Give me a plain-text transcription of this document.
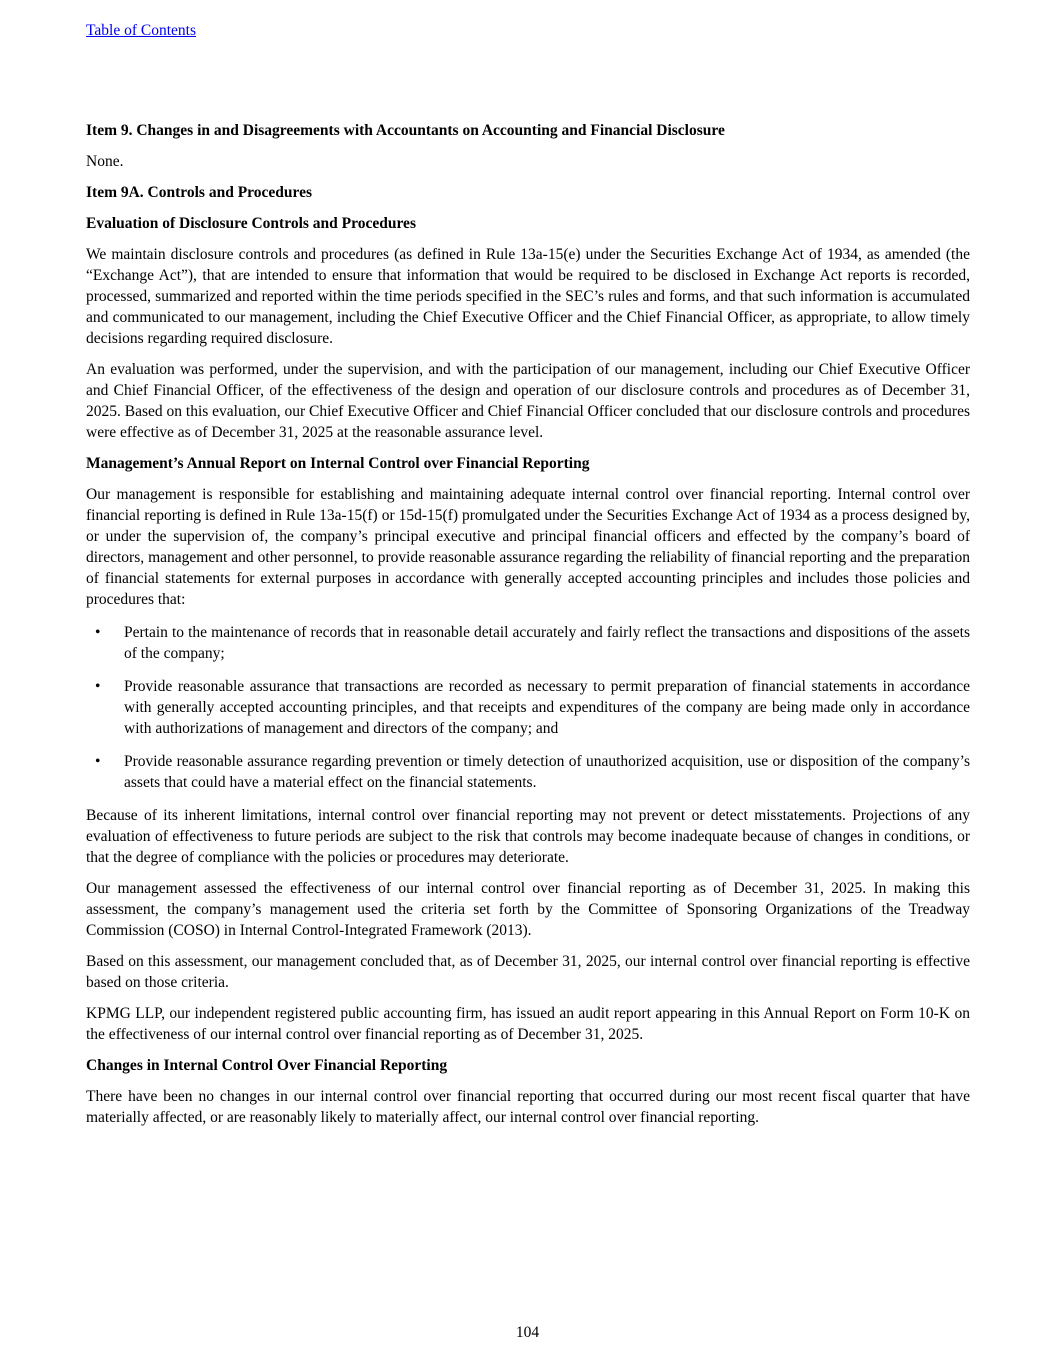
Table of Contents
Item 9. Changes in and Disagreements with Accountants on Accounting and Financial Disclosure
None.
Item 9A. Controls and Procedures
Evaluation of Disclosure Controls and Procedures
We maintain disclosure controls and procedures (as defined in Rule 13a-15(e) under the Securities Exchange Act of 1934, as amended (the “Exchange Act”), that are intended to ensure that information that would be required to be disclosed in Exchange Act reports is recorded, processed, summarized and reported within the time periods specified in the SEC’s rules and forms, and that such information is accumulated and communicated to our management, including the Chief Executive Officer and the Chief Financial Officer, as appropriate, to allow timely decisions regarding required disclosure.
An evaluation was performed, under the supervision, and with the participation of our management, including our Chief Executive Officer and Chief Financial Officer, of the effectiveness of the design and operation of our disclosure controls and procedures as of December 31, 2025. Based on this evaluation, our Chief Executive Officer and Chief Financial Officer concluded that our disclosure controls and procedures were effective as of December 31, 2025 at the reasonable assurance level.
Management’s Annual Report on Internal Control over Financial Reporting
Our management is responsible for establishing and maintaining adequate internal control over financial reporting. Internal control over financial reporting is defined in Rule 13a-15(f) or 15d-15(f) promulgated under the Securities Exchange Act of 1934 as a process designed by, or under the supervision of, the company’s principal executive and principal financial officers and effected by the company’s board of directors, management and other personnel, to provide reasonable assurance regarding the reliability of financial reporting and the preparation of financial statements for external purposes in accordance with generally accepted accounting principles and includes those policies and procedures that:
• Pertain to the maintenance of records that in reasonable detail accurately and fairly reflect the transactions and dispositions of the assets of the company;
• Provide reasonable assurance that transactions are recorded as necessary to permit preparation of financial statements in accordance with generally accepted accounting principles, and that receipts and expenditures of the company are being made only in accordance with authorizations of management and directors of the company; and
• Provide reasonable assurance regarding prevention or timely detection of unauthorized acquisition, use or disposition of the company’s assets that could have a material effect on the financial statements.
Because of its inherent limitations, internal control over financial reporting may not prevent or detect misstatements. Projections of any evaluation of effectiveness to future periods are subject to the risk that controls may become inadequate because of changes in conditions, or that the degree of compliance with the policies or procedures may deteriorate.
Our management assessed the effectiveness of our internal control over financial reporting as of December 31, 2025. In making this assessment, the company’s management used the criteria set forth by the Committee of Sponsoring Organizations of the Treadway Commission (COSO) in Internal Control-Integrated Framework (2013).
Based on this assessment, our management concluded that, as of December 31, 2025, our internal control over financial reporting is effective based on those criteria.
KPMG LLP, our independent registered public accounting firm, has issued an audit report appearing in this Annual Report on Form 10-K on the effectiveness of our internal control over financial reporting as of December 31, 2025.
Changes in Internal Control Over Financial Reporting
There have been no changes in our internal control over financial reporting that occurred during our most recent fiscal quarter that have materially affected, or are reasonably likely to materially affect, our internal control over financial reporting.
104
